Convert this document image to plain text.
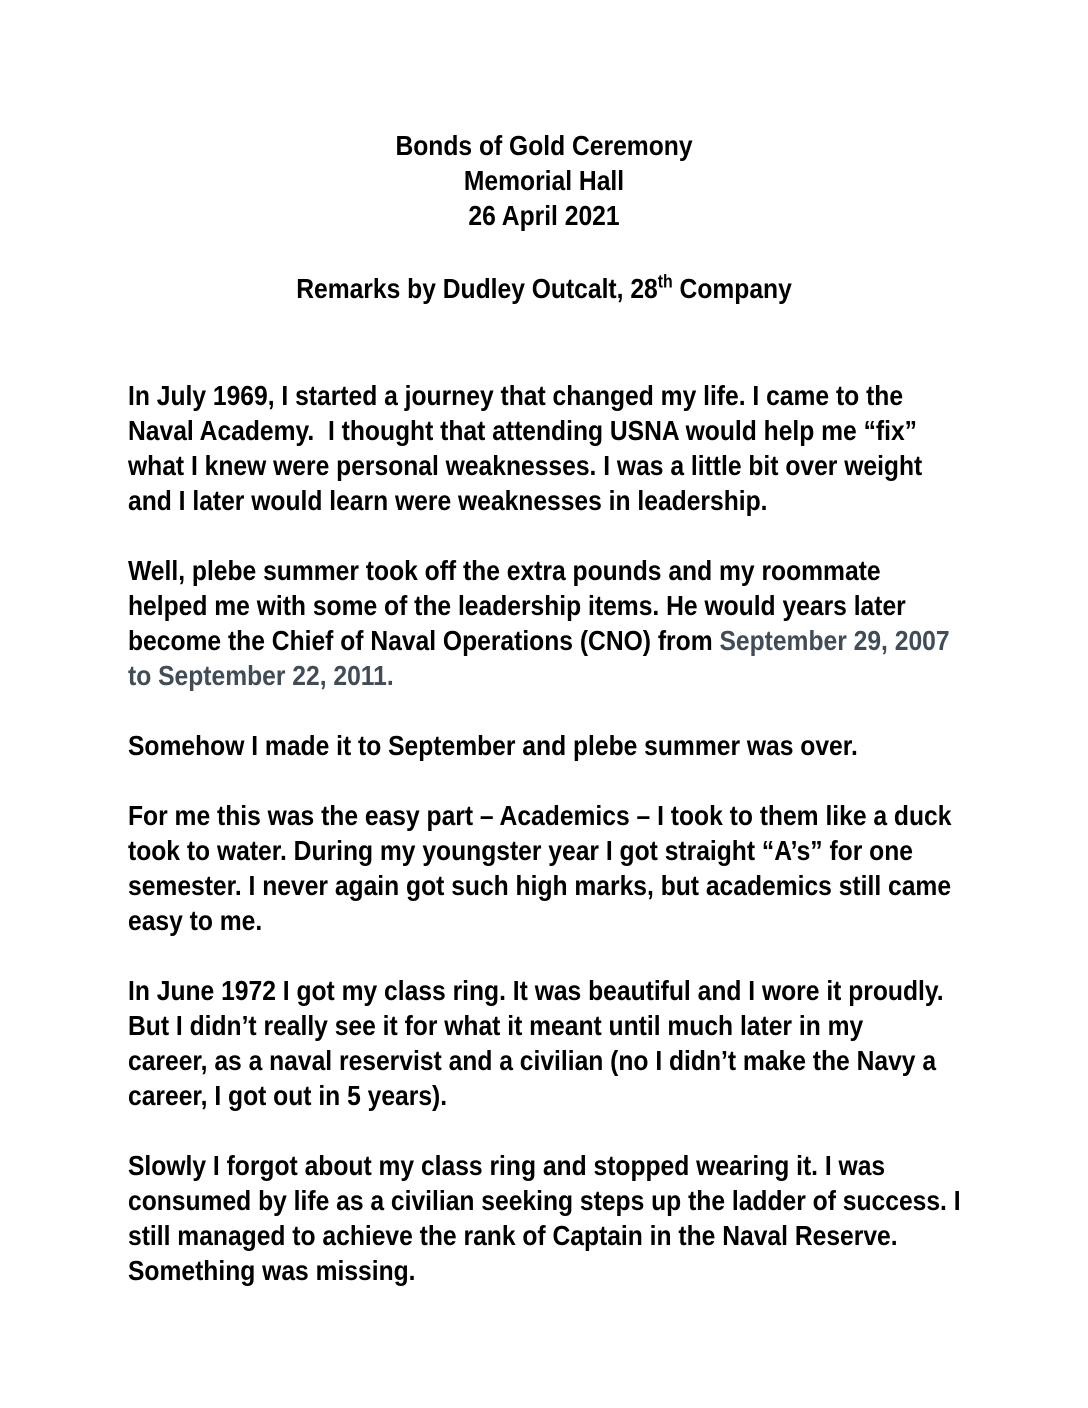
Bonds of Gold Ceremony
Memorial Hall
26 April 2021
Remarks by Dudley Outcalt, 28th Company
In July 1969, I started a journey that changed my life. I came to the
Naval Academy.  I thought that attending USNA would help me “fix”
what I knew were personal weaknesses. I was a little bit over weight
and I later would learn were weaknesses in leadership.
Well, plebe summer took off the extra pounds and my roommate
helped me with some of the leadership items. He would years later
become the Chief of Naval Operations (CNO) from September 29, 2007
to September 22, 2011.
Somehow I made it to September and plebe summer was over.
For me this was the easy part – Academics – I took to them like a duck
took to water. During my youngster year I got straight “A’s” for one
semester. I never again got such high marks, but academics still came
easy to me.
In June 1972 I got my class ring. It was beautiful and I wore it proudly.
But I didn’t really see it for what it meant until much later in my
career, as a naval reservist and a civilian (no I didn’t make the Navy a
career, I got out in 5 years).
Slowly I forgot about my class ring and stopped wearing it. I was
consumed by life as a civilian seeking steps up the ladder of success. I
still managed to achieve the rank of Captain in the Naval Reserve.
Something was missing.
